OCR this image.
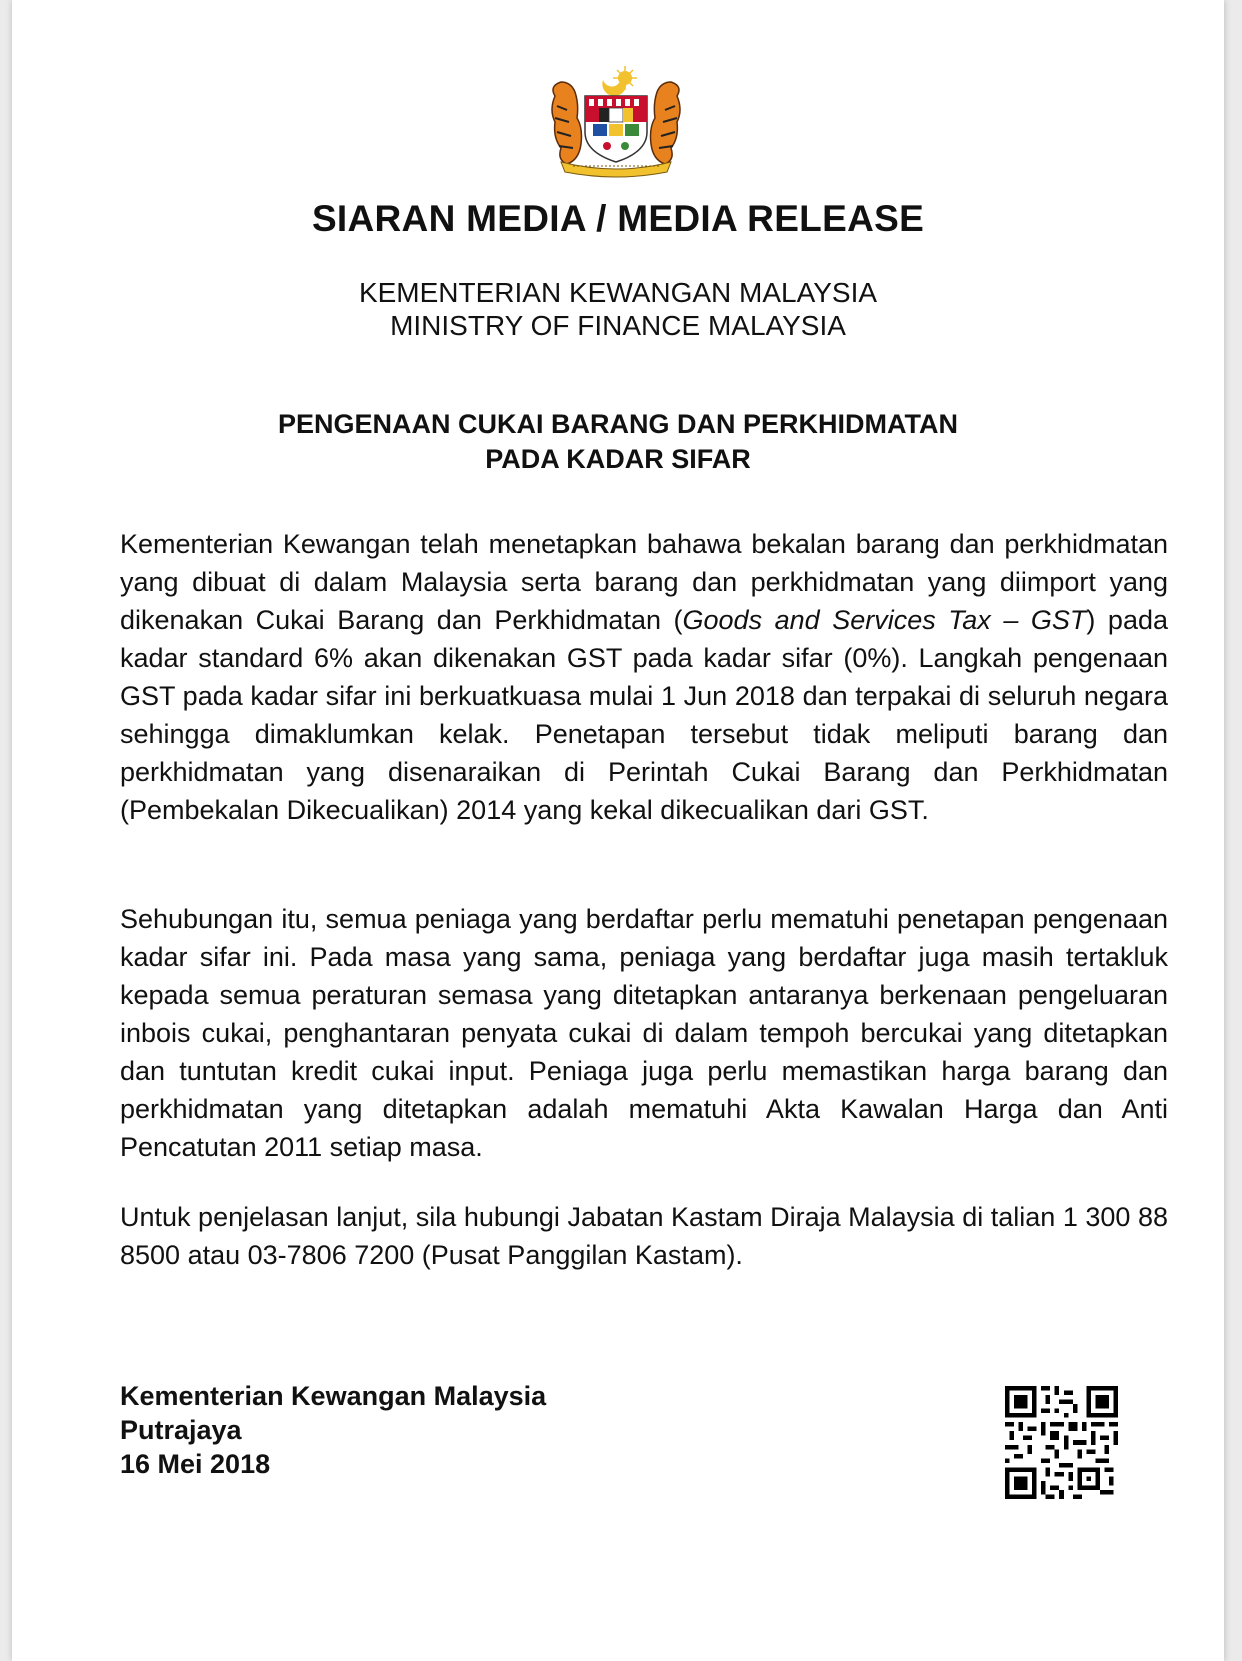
SIARAN MEDIA / MEDIA RELEASE
KEMENTERIAN KEWANGAN MALAYSIA
MINISTRY OF FINANCE MALAYSIA
PENGENAAN CUKAI BARANG DAN PERKHIDMATAN
PADA KADAR SIFAR

Kementerian Kewangan telah menetapkan bahawa bekalan barang dan perkhidmatan yang dibuat di dalam Malaysia serta barang dan perkhidmatan yang diimport yang dikenakan Cukai Barang dan Perkhidmatan (Goods and Services Tax – GST) pada kadar standard 6% akan dikenakan GST pada kadar sifar (0%). Langkah pengenaan GST pada kadar sifar ini berkuatkuasa mulai 1 Jun 2018 dan terpakai di seluruh negara sehingga dimaklumkan kelak. Penetapan tersebut tidak meliputi barang dan perkhidmatan yang disenaraikan di Perintah Cukai Barang dan Perkhidmatan (Pembekalan Dikecualikan) 2014 yang kekal dikecualikan dari GST.

Sehubungan itu, semua peniaga yang berdaftar perlu mematuhi penetapan pengenaan kadar sifar ini. Pada masa yang sama, peniaga yang berdaftar juga masih tertakluk kepada semua peraturan semasa yang ditetapkan antaranya berkenaan pengeluaran inbois cukai, penghantaran penyata cukai di dalam tempoh bercukai yang ditetapkan dan tuntutan kredit cukai input. Peniaga juga perlu memastikan harga barang dan perkhidmatan yang ditetapkan adalah mematuhi Akta Kawalan Harga dan Anti Pencatutan 2011 setiap masa.

Untuk penjelasan lanjut, sila hubungi Jabatan Kastam Diraja Malaysia di talian 1 300 88 8500 atau 03-7806 7200 (Pusat Panggilan Kastam).

Kementerian Kewangan Malaysia
Putrajaya
16 Mei 2018
